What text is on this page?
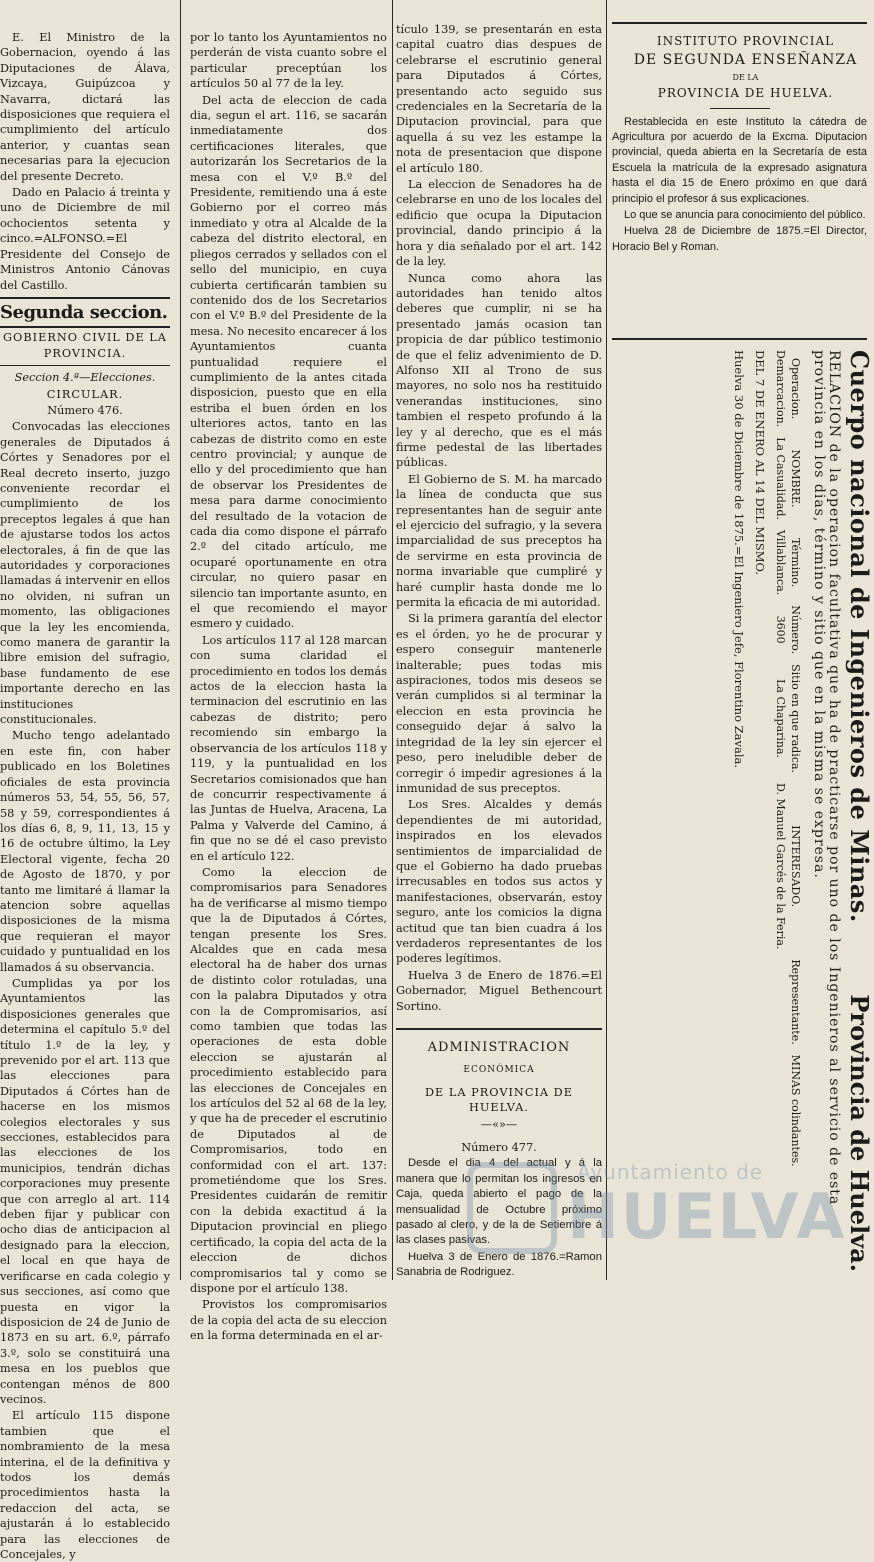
E. El Ministro de la Gobernacion, oyendo á las Diputaciones de Álava, Vizcaya, Guipúzcoa y Navarra, dictará las disposiciones que requiera el cumplimiento del artículo anterior, y cuantas sean necesarias para la ejecucion del presente Decreto.

Dado en Palacio á treinta y uno de Diciembre de mil ochocientos setenta y cinco.=ALFONSO.=El Presidente del Consejo de Ministros Antonio Cánovas del Castillo.

Segunda seccion.

GOBIERNO CIVIL DE LA PROVINCIA.

Seccion 4.ª—Elecciones.

CIRCULAR.

Número 476.

Convocadas las elecciones generales de Diputados á Córtes y Senadores por el Real decreto inserto, juzgo conveniente recordar el cumplimiento de los preceptos legales á que han de ajustarse todos los actos electorales, á fin de que las autoridades y corporaciones llamadas á intervenir en ellos no olviden, ni sufran un momento, las obligaciones que la ley les encomienda, como manera de garantir la libre emision del sufragio, base fundamento de ese importante derecho en las instituciones constitucionales.

Mucho tengo adelantado en este fin, con haber publicado en los Boletines oficiales de esta provincia números 53, 54, 55, 56, 57, 58 y 59, correspondientes á los días 6, 8, 9, 11, 13, 15 y 16 de octubre último, la Ley Electoral vigente, fecha 20 de Agosto de 1870, y por tanto me limitaré á llamar la atencion sobre aquellas disposiciones de la misma que requieran el mayor cuidado y puntualidad en los llamados á su observancia.

Cumplidas ya por los Ayuntamientos las disposiciones generales que determina el capítulo 5.º del título 1.º de la ley, y prevenido por el art. 113 que las elecciones para Diputados á Córtes han de hacerse en los mismos colegios electorales y sus secciones, establecidos para las elecciones de los municipios, tendrán dichas corporaciones muy presente que con arreglo al art. 114 deben fijar y publicar con ocho dias de anticipacion al designado para la eleccion, el local en que haya de verificarse en cada colegio y sus secciones, así como que puesta en vigor la disposicion de 24 de Junio de 1873 en su art. 6.º, párrafo 3.º, solo se constituirá una mesa en los pueblos que contengan ménos de 800 vecinos.

El artículo 115 dispone tambien que el nombramiento de la mesa interina, el de la definitiva y todos los demás procedimientos hasta la redaccion del acta, se ajustarán á lo establecido para las elecciones de Concejales, y

por lo tanto los Ayuntamientos no perderán de vista cuanto sobre el particular preceptúan los artículos 50 al 77 de la ley.

Del acta de eleccion de cada dia, segun el art. 116, se sacarán inmediatamente dos certificaciones literales, que autorizarán los Secretarios de la mesa con el V.º B.º del Presidente, remitiendo una á este Gobierno por el correo más inmediato y otra al Alcalde de la cabeza del distrito electoral, en pliegos cerrados y sellados con el sello del municipio, en cuya cubierta certificarán tambien su contenido dos de los Secretarios con el V.º B.º del Presidente de la mesa. No necesito encarecer á los Ayuntamientos cuanta puntualidad requiere el cumplimiento de la antes citada disposicion, puesto que en ella estriba el buen órden en los ulteriores actos, tanto en las cabezas de distrito como en este centro provincial; y aunque de ello y del procedimiento que han de observar los Presidentes de mesa para darme conocimiento del resultado de la votacion de cada dia como dispone el párrafo 2.º del citado artículo, me ocuparé oportunamente en otra circular, no quiero pasar en silencio tan importante asunto, en el que recomiendo el mayor esmero y cuidado.

Los artículos 117 al 128 marcan con suma claridad el procedimiento en todos los demás actos de la eleccion hasta la terminacion del escrutinio en las cabezas de distrito; pero recomiendo sin embargo la observancia de los artículos 118 y 119, y la puntualidad en los Secretarios comisionados que han de concurrir respectivamente á las Juntas de Huelva, Aracena, La Palma y Valverde del Camino, á fin que no se dé el caso previsto en el artículo 122.

Como la eleccion de compromisarios para Senadores ha de verificarse al mismo tiempo que la de Diputados á Córtes, tengan presente los Sres. Alcaldes que en cada mesa electoral ha de haber dos urnas de distinto color rotuladas, una con la palabra Diputados y otra con la de Compromisarios, así como tambien que todas las operaciones de esta doble eleccion se ajustarán al procedimiento establecido para las elecciones de Concejales en los artículos del 52 al 68 de la ley, y que ha de preceder el escrutinio de Diputados al de Compromisarios, todo en conformidad con el art. 137: prometiéndome que los Sres. Presidentes cuidarán de remitir con la debida exactitud á la Diputacion provincial en pliego certificado, la copia del acta de la eleccion de dichos compromisarios tal y como se dispone por el artículo 138.

Provistos los compromisarios de la copia del acta de su eleccion en la forma determinada en el ar-

tículo 139, se presentarán en esta capital cuatro dias despues de celebrarse el escrutinio general para Diputados á Córtes, presentando acto seguido sus credenciales en la Secretaría de la Diputacion provincial, para que aquella á su vez les estampe la nota de presentacion que dispone el artículo 180.

La eleccion de Senadores ha de celebrarse en uno de los locales del edificio que ocupa la Diputacion provincial, dando principio á la hora y dia señalado por el art. 142 de la ley.

Nunca como ahora las autoridades han tenido altos deberes que cumplir, ni se ha presentado jamás ocasion tan propicia de dar público testimonio de que el feliz advenimiento de D. Alfonso XII al Trono de sus mayores, no solo nos ha restituido venerandas instituciones, sino tambien el respeto profundo á la ley y al derecho, que es el más firme pedestal de las libertades públicas.

El Gobierno de S. M. ha marcado la línea de conducta que sus representantes han de seguir ante el ejercicio del sufragio, y la severa imparcialidad de sus preceptos ha de servirme en esta provincia de norma invariable que cumpliré y haré cumplir hasta donde me lo permita la eficacia de mi autoridad.

Si la primera garantía del elector es el órden, yo he de procurar y espero conseguir mantenerle inalterable; pues todas mis aspiraciones, todos mis deseos se verán cumplidos si al terminar la eleccion en esta provincia he conseguido dejar á salvo la integridad de la ley sin ejercer el peso, pero ineludible deber de corregir ó impedir agresiones á la inmunidad de sus preceptos.

Los Sres. Alcaldes y demás dependientes de mi autoridad, inspirados en los elevados sentimientos de imparcialidad de que el Gobierno ha dado pruebas irrecusables en todos sus actos y manifestaciones, observarán, estoy seguro, ante los comicios la digna actitud que tan bien cuadra á los verdaderos representantes de los poderes legítimos.

Huelva 3 de Enero de 1876.=El Gobernador, Miguel Bethencourt Sortino.

ADMINISTRACION

ECONÓMICA

DE LA PROVINCIA DE HUELVA.

—«»—

Número 477.

Desde el dia 4 del actual y á la manera que lo permitan los ingresos en Caja, queda abierto el pago de la mensualidad de Octubre próximo pasado al clero, y de la de Setiembre á las clases pasivas.

Huelva 3 de Enero de 1876.=Ramon Sanabria de Rodriguez.

INSTITUTO PROVINCIAL

DE SEGUNDA ENSEÑANZA

DE LA

PROVINCIA DE HUELVA.

Restablecida en este Instituto la cátedra de Agricultura por acuerdo de la Excma. Diputacion provincial, queda abierta en la Secretaría de esta Escuela la matrícula de la expresado asignatura hasta el dia 15 de Enero próximo en que dará principio el profesor á sus explicaciones.

Lo que se anuncia para conocimiento del público.

Huelva 28 de Diciembre de 1875.=El Director, Horacio Bel y Roman.

Cuerpo nacional de Ingenieros de Minas.
Provincia de Huelva.
RELACION de la operacion facultativa que ha de practicarse por uno de los Ingenieros al servicio de esta provincia en los dias, término y sitio que en la misma se expresa.
Operacion.
Demarcacion.
NOMBRE.
La Casualidad.
Término.
Villablanca.
Número.
3600
Sitio en que radica.
La Chaparina.
INTERESADO.
D. Manuel Garcés de la Feria.
Representante.
MINAS colindantes.
DEL 7 DE ENERO AL 14 DEL MISMO.
Huelva 30 de Diciembre de 1875.=El Ingeniero Jefe, Florentino Zavala.
Ayuntamiento de
HUELVA
